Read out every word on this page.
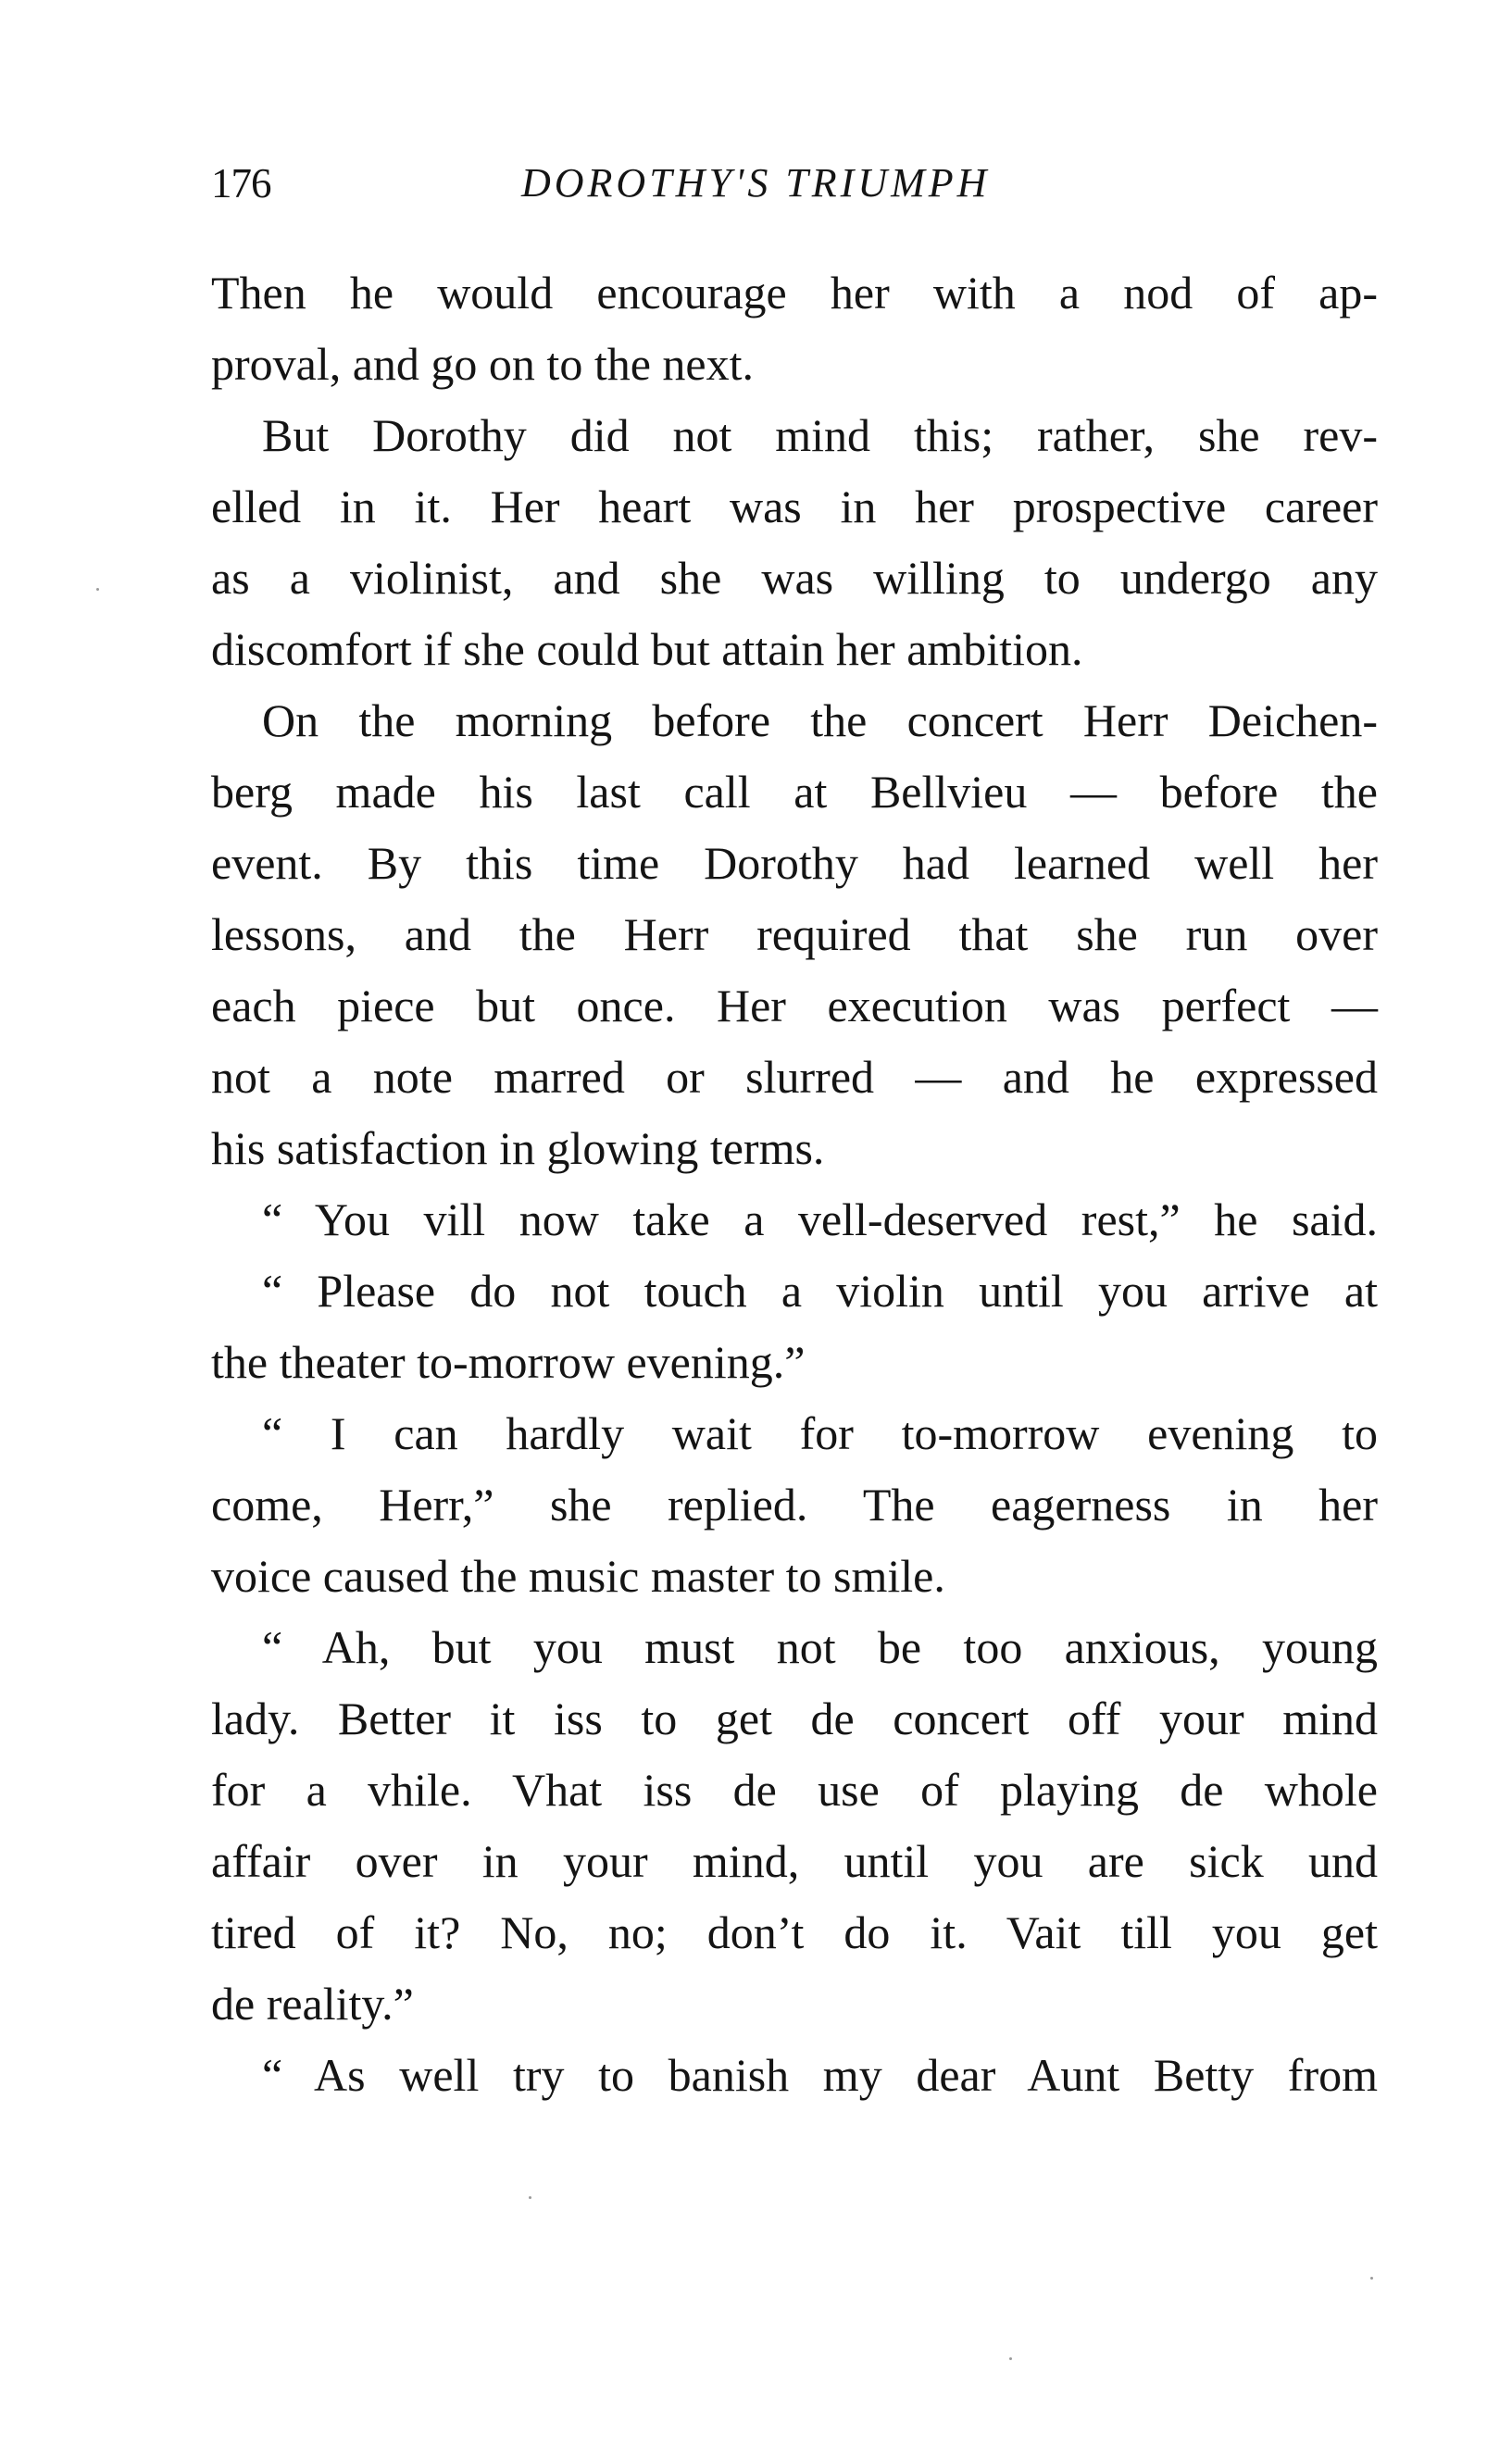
176	DOROTHY'S TRIUMPH
Then he would encourage her with a nod of ap-
proval, and go on to the next.
But Dorothy did not mind this; rather, she rev-
elled in it. Her heart was in her prospective career
as a violinist, and she was willing to undergo any
discomfort if she could but attain her ambition.
On the morning before the concert Herr Deichen-
berg made his last call at Bellvieu — before the
event. By this time Dorothy had learned well her
lessons, and the Herr required that she run over
each piece but once. Her execution was perfect —
not a note marred or slurred — and he expressed
his satisfaction in glowing terms.
“ You vill now take a vell-deserved rest,” he said.
“ Please do not touch a violin until you arrive at
the theater to-morrow evening.”
“ I can hardly wait for to-morrow evening to
come, Herr,” she replied. The eagerness in her
voice caused the music master to smile.
“ Ah, but you must not be too anxious, young
lady. Better it iss to get de concert off your mind
for a vhile. Vhat iss de use of playing de whole
affair over in your mind, until you are sick und
tired of it? No, no; don’t do it. Vait till you get
de reality.”
“ As well try to banish my dear Aunt Betty from
